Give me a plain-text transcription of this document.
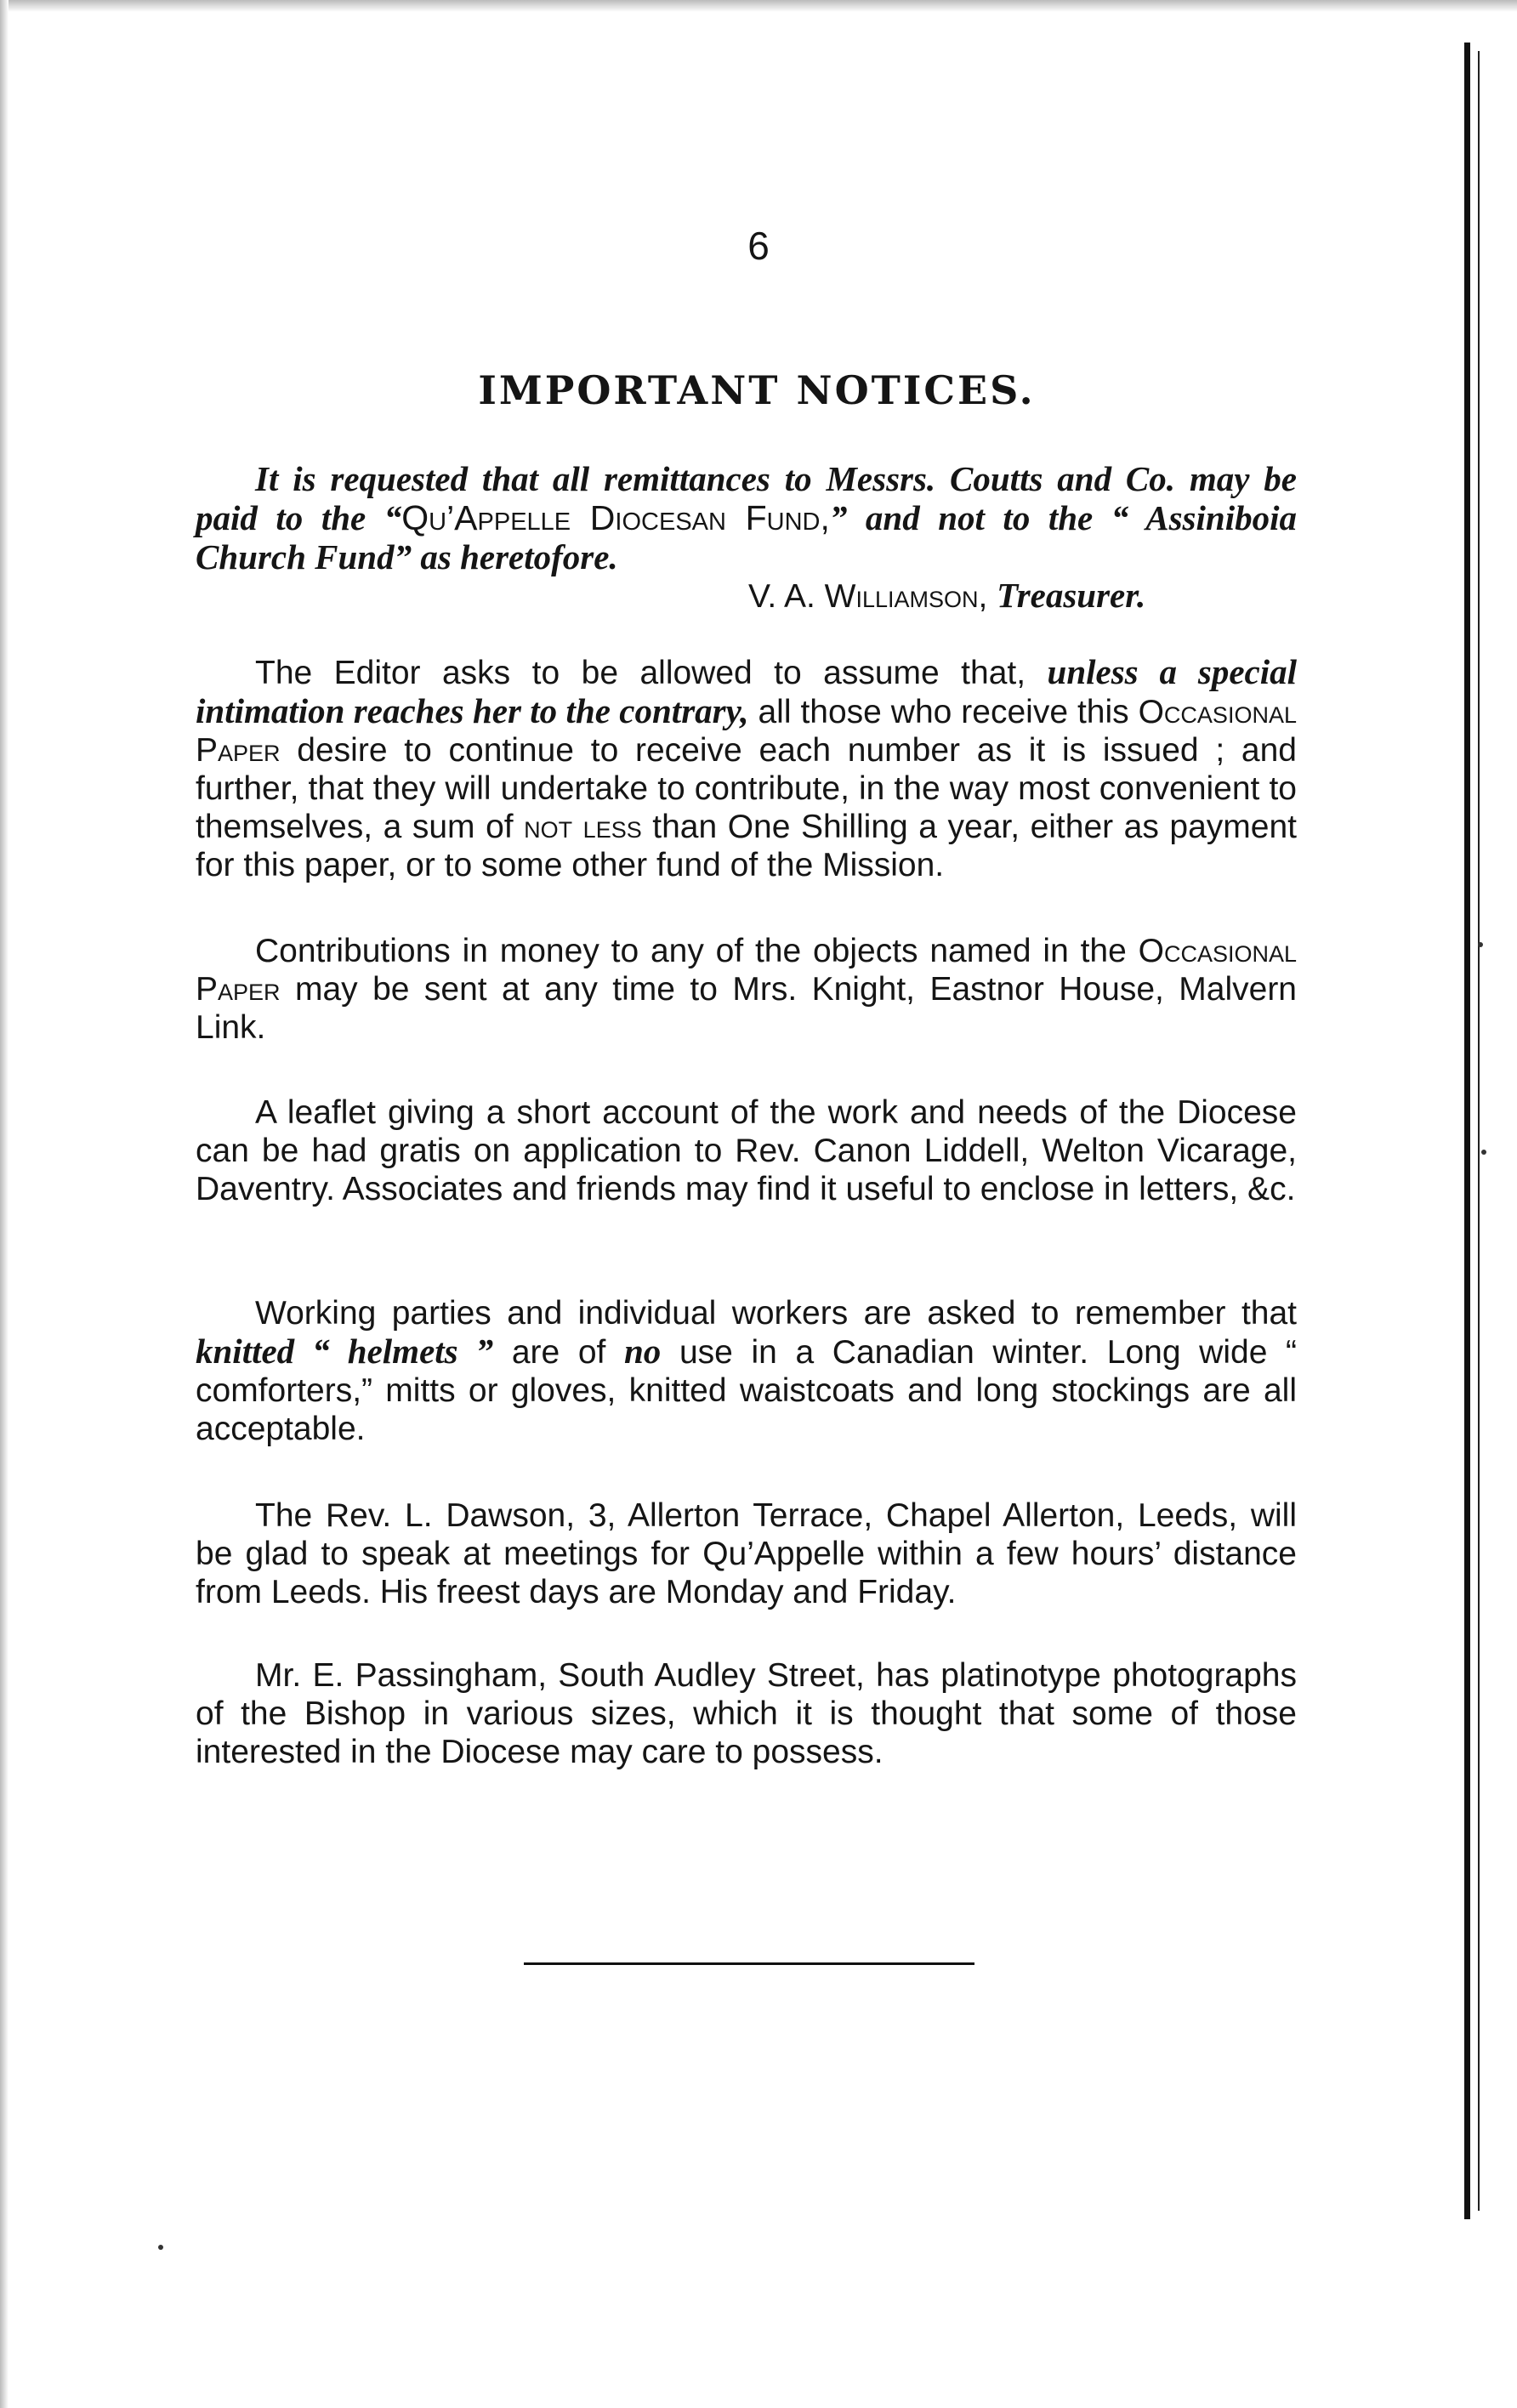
6
IMPORTANT NOTICES.
It is requested that all remittances to Messrs. Coutts and Co. may be paid to the “Qu’Appelle Diocesan Fund,” and not to the “ Assiniboia Church Fund” as heretofore.
V. A. Williamson, Treasurer.
The Editor asks to be allowed to assume that, unless a special intimation reaches her to the contrary, all those who receive this Occasional Paper desire to continue to receive each number as it is issued ; and further, that they will undertake to contribute, in the way most convenient to themselves, a sum of not less than One Shilling a year, either as payment for this paper, or to some other fund of the Mission.
Contributions in money to any of the objects named in the Occasional Paper may be sent at any time to Mrs. Knight, Eastnor House, Malvern Link.
A leaflet giving a short account of the work and needs of the Diocese can be had gratis on application to Rev. Canon Liddell, Welton Vicarage, Daventry. Associates and friends may find it useful to enclose in letters, &c.
Working parties and individual workers are asked to remember that knitted “ helmets ” are of no use in a Canadian winter. Long wide “ comforters,” mitts or gloves, knitted waistcoats and long stockings are all acceptable.
The Rev. L. Dawson, 3, Allerton Terrace, Chapel Allerton, Leeds, will be glad to speak at meetings for Qu’Appelle within a few hours’ distance from Leeds. His freest days are Monday and Friday.
Mr. E. Passingham, South Audley Street, has platinotype photographs of the Bishop in various sizes, which it is thought that some of those interested in the Diocese may care to possess.
